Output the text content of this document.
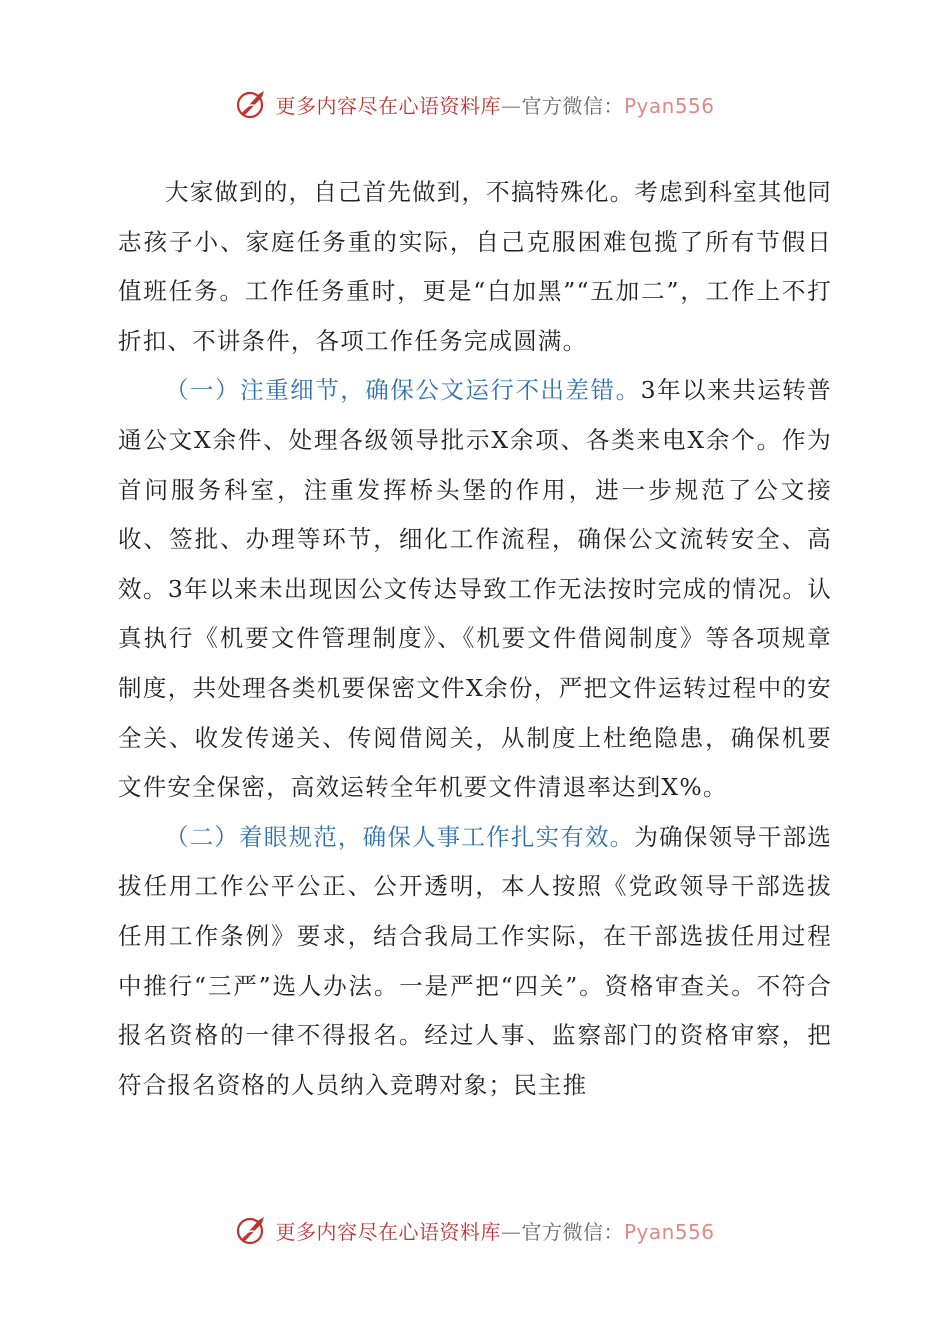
更多内容尽在心语资料库—官方微信：Pyan556

大家做到的，自己首先做到，不搞特殊化。考虑到科室其他同志孩子小、家庭任务重的实际，自己克服困难包揽了所有节假日值班任务。工作任务重时，更是“白加黑”“五加二”，工作上不打折扣、不讲条件，各项工作任务完成圆满。

（一）注重细节，确保公文运行不出差错。3年以来共运转普通公文X余件、处理各级领导批示X余项、各类来电X余个。作为首问服务科室，注重发挥桥头堡的作用，进一步规范了公文接收、签批、办理等环节，细化工作流程，确保公文流转安全、高效。3年以来未出现因公文传达导致工作无法按时完成的情况。认真执行《机要文件管理制度》、《机要文件借阅制度》等各项规章制度，共处理各类机要保密文件X余份，严把文件运转过程中的安全关、收发传递关、传阅借阅关，从制度上杜绝隐患，确保机要文件安全保密，高效运转全年机要文件清退率达到X%。

（二）着眼规范，确保人事工作扎实有效。为确保领导干部选拔任用工作公平公正、公开透明，本人按照《党政领导干部选拔任用工作条例》要求，结合我局工作实际，在干部选拔任用过程中推行“三严”选人办法。一是严把“四关”。资格审查关。不符合报名资格的一律不得报名。经过人事、监察部门的资格审察，把符合报名资格的人员纳入竞聘对象；民主推

更多内容尽在心语资料库—官方微信：Pyan556
